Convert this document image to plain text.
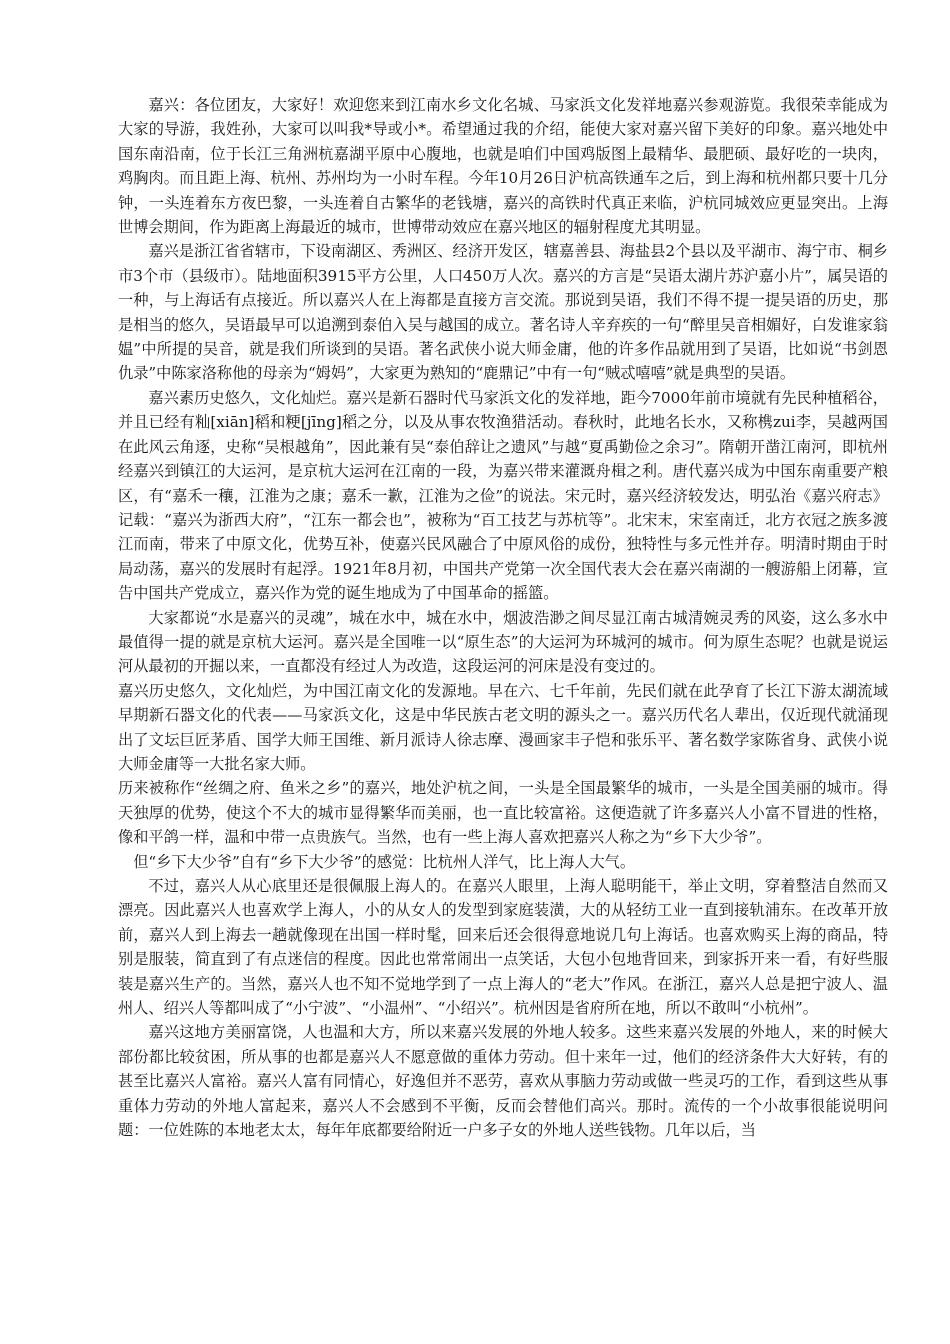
嘉兴：各位团友，大家好！欢迎您来到江南水乡文化名城、马家浜文化发祥地嘉兴参观游览。我很荣幸能成为大家的导游，我姓孙，大家可以叫我*导或小*。希望通过我的介绍，能使大家对嘉兴留下美好的印象。嘉兴地处中国东南沿南，位于长江三角洲杭嘉湖平原中心腹地，也就是咱们中国鸡版图上最精华、最肥硕、最好吃的一块肉，鸡胸肉。而且距上海、杭州、苏州均为一小时车程。今年10月26日沪杭高铁通车之后，到上海和杭州都只要十几分钟，一头连着东方夜巴黎，一头连着自古繁华的老钱塘，嘉兴的高铁时代真正来临，沪杭同城效应更显突出。上海世博会期间，作为距离上海最近的城市，世博带动效应在嘉兴地区的辐射程度尤其明显。

嘉兴是浙江省省辖市，下设南湖区、秀洲区、经济开发区，辖嘉善县、海盐县2个县以及平湖市、海宁市、桐乡市3个市（县级市）。陆地面积3915平方公里，人口450万人次。嘉兴的方言是“吴语太湖片苏沪嘉小片”，属吴语的一种，与上海话有点接近。所以嘉兴人在上海都是直接方言交流。那说到吴语，我们不得不提一提吴语的历史，那是相当的悠久，吴语最早可以追溯到泰伯入吴与越国的成立。著名诗人辛弃疾的一句“醉里吴音相媚好，白发谁家翁媪”中所提的吴音，就是我们所谈到的吴语。著名武侠小说大师金庸，他的许多作品就用到了吴语，比如说“书剑恩仇录”中陈家洛称他的母亲为“姆妈”，大家更为熟知的“鹿鼎记”中有一句“贼忒嘻嘻”就是典型的吴语。

嘉兴素历史悠久，文化灿烂。嘉兴是新石器时代马家浜文化的发祥地，距今7000年前市境就有先民种植稻谷，并且已经有籼[xiān]稻和粳[jīng]稻之分，以及从事农牧渔猎活动。春秋时，此地名长水，又称槜zui李，吴越两国在此风云角逐，史称“吴根越角”，因此兼有吴“泰伯辞让之遗风”与越“夏禹勤俭之余习”。隋朝开凿江南河，即杭州经嘉兴到镇江的大运河，是京杭大运河在江南的一段，为嘉兴带来灌溉舟楫之利。唐代嘉兴成为中国东南重要产粮区，有“嘉禾一穰，江淮为之康；嘉禾一歉，江淮为之俭”的说法。宋元时，嘉兴经济较发达，明弘治《嘉兴府志》记载：“嘉兴为浙西大府”，“江东一都会也”，被称为“百工技艺与苏杭等”。北宋末，宋室南迁，北方衣冠之族多渡江而南，带来了中原文化，优势互补，使嘉兴民风融合了中原风俗的成份，独特性与多元性并存。明清时期由于时局动荡，嘉兴的发展时有起浮。1921年8月初，中国共产党第一次全国代表大会在嘉兴南湖的一艘游船上闭幕，宣告中国共产党成立，嘉兴作为党的诞生地成为了中国革命的摇篮。

大家都说“水是嘉兴的灵魂”，城在水中，城在水中，烟波浩渺之间尽显江南古城清婉灵秀的风姿，这么多水中最值得一提的就是京杭大运河。嘉兴是全国唯一以“原生态”的大运河为环城河的城市。何为原生态呢？也就是说运河从最初的开掘以来，一直都没有经过人为改造，这段运河的河床是没有变过的。

嘉兴历史悠久，文化灿烂，为中国江南文化的发源地。早在六、七千年前，先民们就在此孕育了长江下游太湖流域早期新石器文化的代表——马家浜文化，这是中华民族古老文明的源头之一。嘉兴历代名人辈出，仅近现代就涌现出了文坛巨匠茅盾、国学大师王国维、新月派诗人徐志摩、漫画家丰子恺和张乐平、著名数学家陈省身、武侠小说大师金庸等一大批名家大师。

历来被称作“丝绸之府、鱼米之乡”的嘉兴，地处沪杭之间，一头是全国最繁华的城市，一头是全国美丽的城市。得天独厚的优势，使这个不大的城市显得繁华而美丽，也一直比较富裕。这便造就了许多嘉兴人小富不冒进的性格，像和平鸽一样，温和中带一点贵族气。当然，也有一些上海人喜欢把嘉兴人称之为“乡下大少爷”。

但“乡下大少爷”自有“乡下大少爷”的感觉：比杭州人洋气，比上海人大气。

不过，嘉兴人从心底里还是很佩服上海人的。在嘉兴人眼里，上海人聪明能干，举止文明，穿着整洁自然而又漂亮。因此嘉兴人也喜欢学上海人，小的从女人的发型到家庭装潢，大的从轻纺工业一直到接轨浦东。在改革开放前，嘉兴人到上海去一趟就像现在出国一样时髦，回来后还会很得意地说几句上海话。也喜欢购买上海的商品，特别是服装，简直到了有点迷信的程度。因此也常常闹出一点笑话，大包小包地背回来，到家拆开来一看，有好些服装是嘉兴生产的。当然，嘉兴人也不知不觉地学到了一点上海人的“老大”作风。在浙江，嘉兴人总是把宁波人、温州人、绍兴人等都叫成了“小宁波”、“小温州”、“小绍兴”。杭州因是省府所在地，所以不敢叫“小杭州”。

嘉兴这地方美丽富饶，人也温和大方，所以来嘉兴发展的外地人较多。这些来嘉兴发展的外地人，来的时候大部份都比较贫困，所从事的也都是嘉兴人不愿意做的重体力劳动。但十来年一过，他们的经济条件大大好转，有的甚至比嘉兴人富裕。嘉兴人富有同情心，好逸但并不恶劳，喜欢从事脑力劳动或做一些灵巧的工作，看到这些从事重体力劳动的外地人富起来，嘉兴人不会感到不平衡，反而会替他们高兴。那时。流传的一个小故事很能说明问题：一位姓陈的本地老太太，每年年底都要给附近一户多子女的外地人送些钱物。几年以后，当
